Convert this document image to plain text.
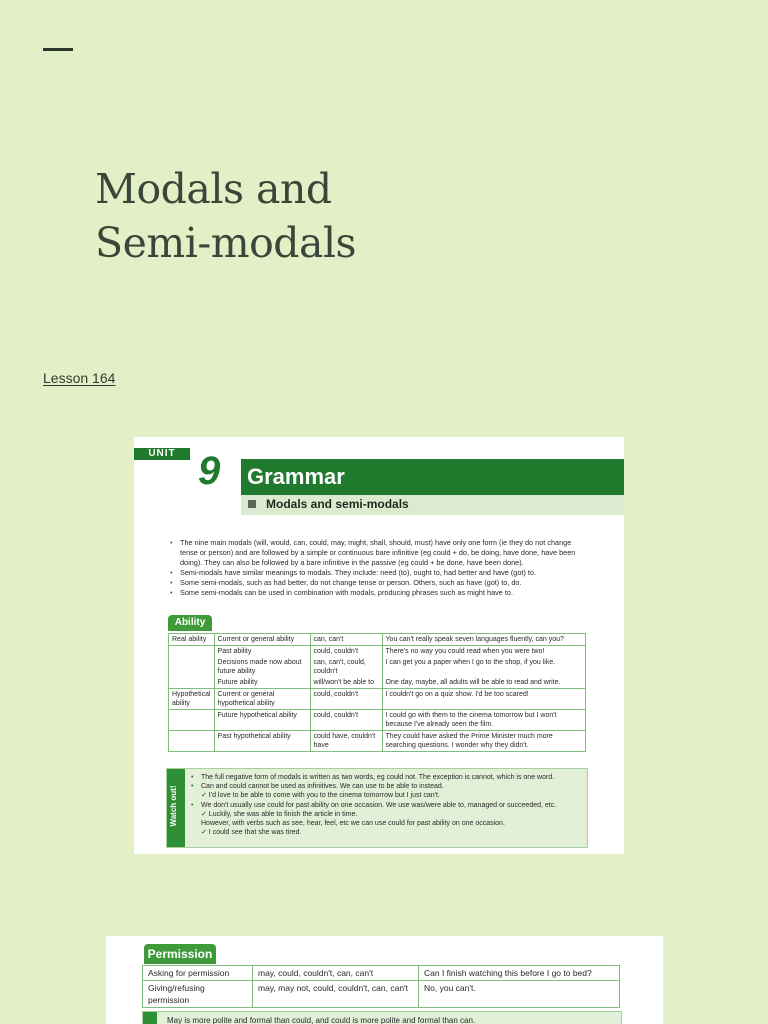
Modals and
Semi-modals
Lesson 164
UNIT 9 Grammar
Modals and semi-modals
• The nine main modals (will, would, can, could, may, might, shall, should, must) have only one form (ie they do not change tense or person) and are followed by a simple or continuous bare infinitive (eg could + do, be doing, have done, have been doing). They can also be followed by a bare infinitive in the passive (eg could + be done, have been done).
• Semi-modals have similar meanings to modals. They include: need (to), ought to, had better and have (got) to.
• Some semi-modals, such as had better, do not change tense or person. Others, such as have (got) to, do.
• Some semi-modals can be used in combination with modals, producing phrases such as might have to.
Ability
Real ability	Current or general ability	can, can't	You can't really speak seven languages fluently, can you?
	Past ability	could, couldn't	There's no way you could read when you were two!
	Decisions made now about future ability	can, can't, could, couldn't	I can get you a paper when I go to the shop, if you like.
	Future ability	will/won't be able to	One day, maybe, all adults will be able to read and write.
Hypothetical ability	Current or general hypothetical ability	could, couldn't	I couldn't go on a quiz show. I'd be too scared!
	Future hypothetical ability	could, couldn't	I could go with them to the cinema tomorrow but I won't because I've already seen the film.
	Past hypothetical ability	could have, couldn't have	They could have asked the Prime Minister much more searching questions. I wonder why they didn't.
Watch out!
• The full negative form of modals is written as two words, eg could not. The exception is cannot, which is one word.
• Can and could cannot be used as infinitives. We can use to be able to instead.
✓ I'd love to be able to come with you to the cinema tomorrow but I just can't.
• We don't usually use could for past ability on one occasion. We use was/were able to, managed or succeeded, etc.
✓ Luckily, she was able to finish the article in time.
However, with verbs such as see, hear, feel, etc we can use could for past ability on one occasion.
✓ I could see that she was tired.
Permission
Asking for permission	may, could, couldn't, can, can't	Can I finish watching this before I go to bed?
Giving/refusing permission	may, may not, could, couldn't, can, can't	No, you can't.
May is more polite and formal than could, and could is more polite and formal than can.
